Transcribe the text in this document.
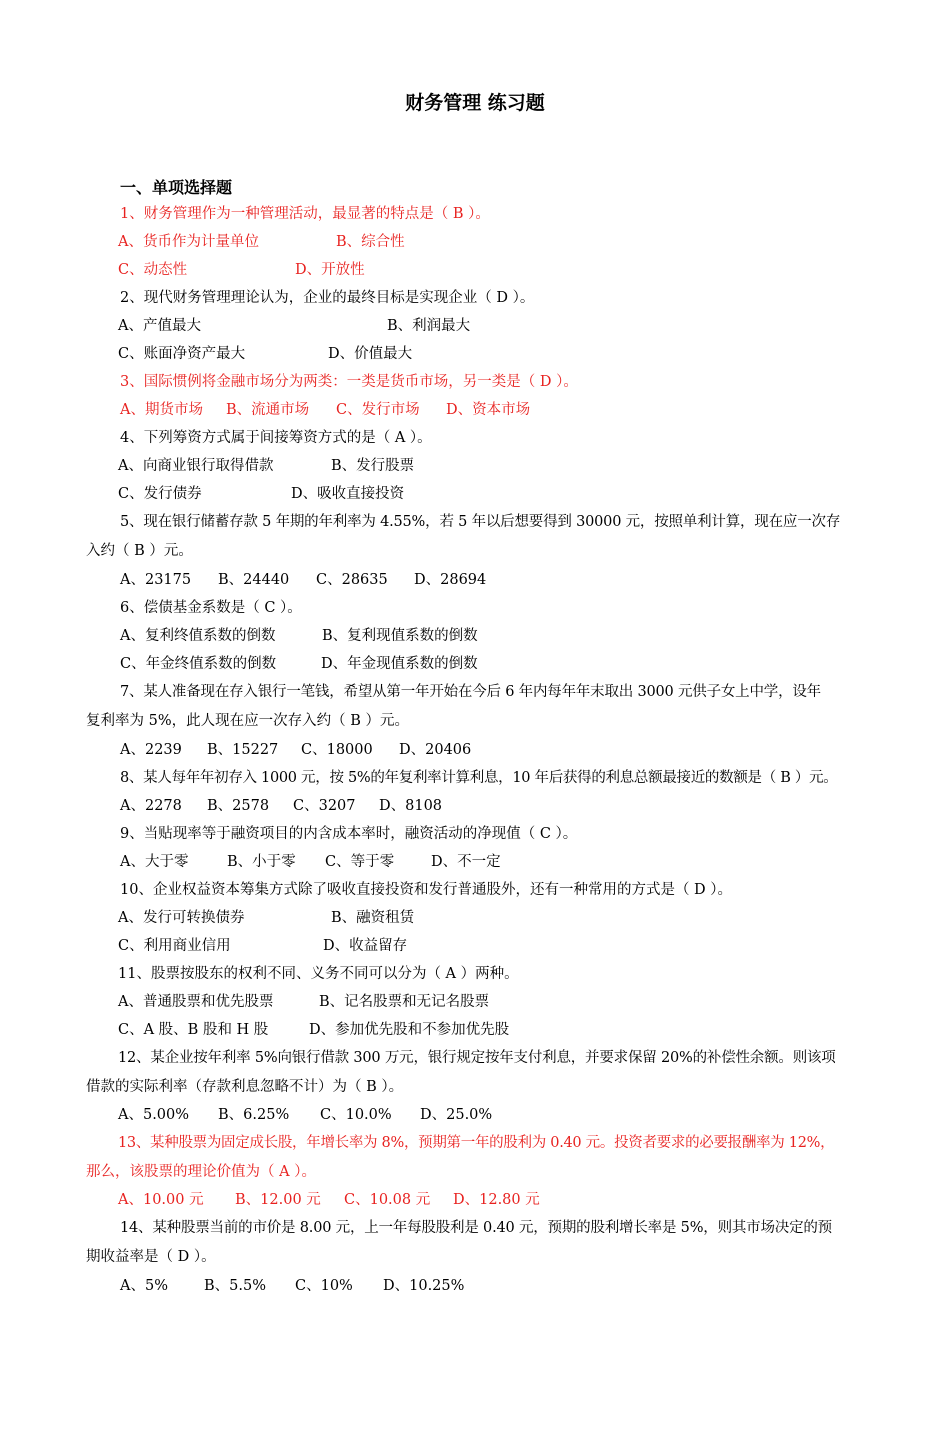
财务管理 练习题
一、单项选择题
1、财务管理作为一种管理活动，最显著的特点是（ B ）。
A、货币作为计量单位	B、综合性
C、动态性	D、开放性
2、现代财务管理理论认为，企业的最终目标是实现企业（ D ）。
A、产值最大	B、利润最大
C、账面净资产最大	D、价值最大
3、国际惯例将金融市场分为两类：一类是货币市场，另一类是（ D ）。
A、期货市场 B、流通市场 C、发行市场 D、资本市场
4、下列筹资方式属于间接筹资方式的是（ A ）。
A、向商业银行取得借款	B、发行股票
C、发行债券	D、吸收直接投资
5、现在银行储蓄存款 5 年期的年利率为 4.55%，若 5 年以后想要得到 30000 元，按照单利计算，现在应一次存
入约（ B ）元。
A、23175 B、24440 C、28635 D、28694
6、偿债基金系数是（ C ）。
A、复利终值系数的倒数	B、复利现值系数的倒数
C、年金终值系数的倒数	D、年金现值系数的倒数
7、某人准备现在存入银行一笔钱，希望从第一年开始在今后 6 年内每年年末取出 3000 元供子女上中学，设年
复利率为 5%，此人现在应一次存入约（ B ）元。
A、2239 B、15227 C、18000 D、20406
8、某人每年年初存入 1000 元，按 5%的年复利率计算利息，10 年后获得的利息总额最接近的数额是（ B ）元。
A、2278 B、2578 C、3207 D、8108
9、当贴现率等于融资项目的内含成本率时，融资活动的净现值（ C ）。
A、大于零	B、小于零 C、等于零	D、不一定
10、企业权益资本筹集方式除了吸收直接投资和发行普通股外，还有一种常用的方式是（ D ）。
A、发行可转换债券	B、融资租赁
C、利用商业信用	D、收益留存
11、股票按股东的权利不同、义务不同可以分为（ A ）两种。
A、普通股票和优先股票	B、记名股票和无记名股票
C、A 股、B 股和 H 股	D、参加优先股和不参加优先股
12、某企业按年利率 5%向银行借款 300 万元，银行规定按年支付利息，并要求保留 20%的补偿性余额。则该项
借款的实际利率（存款利息忽略不计）为（ B ）。
A、5.00% B、6.25% C、10.0% D、25.0%
13、某种股票为固定成长股，年增长率为 8%，预期第一年的股利为 0.40 元。投资者要求的必要报酬率为 12%，
那么，该股票的理论价值为（ A ）。
A、10.00 元 B、12.00 元 C、10.08 元 D、12.80 元
14、某种股票当前的市价是 8.00 元，上一年每股股利是 0.40 元，预期的股利增长率是 5%，则其市场决定的预
期收益率是（ D ）。
A、5% B、5.5% C、10% D、10.25%
